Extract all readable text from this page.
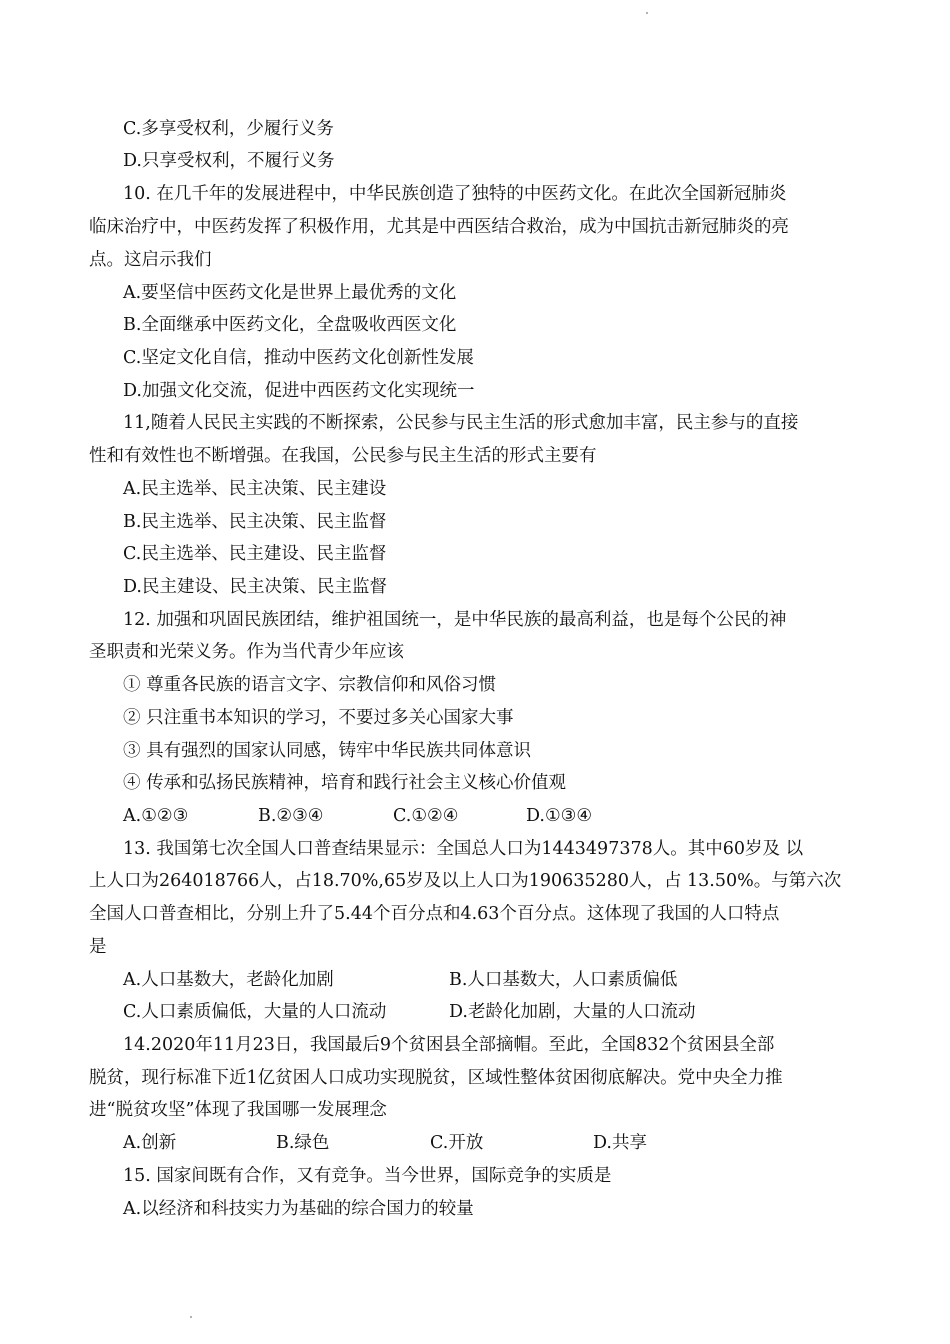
C.多享受权利，少履行义务
D.只享受权利，不履行义务
10. 在几千年的发展进程中，中华民族创造了独特的中医药文化。在此次全国新冠肺炎
临床治疗中，中医药发挥了积极作用，尤其是中西医结合救治，成为中国抗击新冠肺炎的亮
点。这启示我们
A.要坚信中医药文化是世界上最优秀的文化
B.全面继承中医药文化，全盘吸收西医文化
C.坚定文化自信，推动中医药文化创新性发展
D.加强文化交流，促进中西医药文化实现统一
11,随着人民民主实践的不断探索，公民参与民主生活的形式愈加丰富，民主参与的直接
性和有效性也不断增强。在我国，公民参与民主生活的形式主要有
A.民主选举、民主决策、民主建设
B.民主选举、民主决策、民主监督
C.民主选举、民主建设、民主监督
D.民主建设、民主决策、民主监督
12. 加强和巩固民族团结，维护祖国统一，是中华民族的最高利益，也是每个公民的神
圣职责和光荣义务。作为当代青少年应该
① 尊重各民族的语言文字、宗教信仰和风俗习惯
② 只注重书本知识的学习，不要过多关心国家大事
③ 具有强烈的国家认同感，铸牢中华民族共同体意识
④ 传承和弘扬民族精神，培育和践行社会主义核心价值观
A.①②③	B.②③④	C.①②④	D.①③④
13. 我国第七次全国人口普查结果显示：全国总人口为1443497378人。其中60岁及 以
上人口为264018766人，占18.70%,65岁及以上人口为190635280人，占 13.50%。与第六次
全国人口普查相比，分别上升了5.44个百分点和4.63个百分点。这体现了我国的人口特点
是
A.人口基数大，老龄化加剧	B.人口基数大，人口素质偏低
C.人口素质偏低，大量的人口流动	D.老龄化加剧，大量的人口流动
14.2020年11月23日，我国最后9个贫困县全部摘帽。至此，全国832个贫困县全部
脱贫，现行标准下近1亿贫困人口成功实现脱贫，区域性整体贫困彻底解决。党中央全力推
进“脱贫攻坚”体现了我国哪一发展理念
A.创新	B.绿色	C.开放	D.共享
15. 国家间既有合作，又有竞争。当今世界，国际竞争的实质是
A.以经济和科技实力为基础的综合国力的较量
